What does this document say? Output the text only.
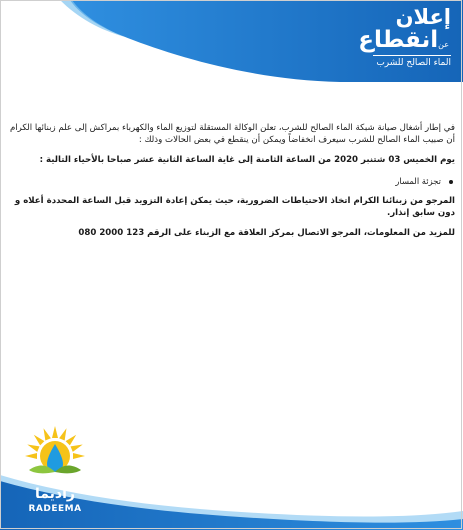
إعلان
انقطاع عن
الماء الصالح للشرب

في إطار أشغال صيانة شبكة الماء الصالح للشرب، تعلن الوكالة المستقلة لتوزيع الماء والكهرباء بمراكش إلى علم زبنائها الكرام أن صبيب الماء الصالح للشرب سيعرف انخفاضاً ويمكن أن ينقطع في بعض الحالات وذلك :

يوم الخميس 03 شتنبر 2020 من الساعة الثامنة إلى غاية الساعة الثانية عشر صباحا بالأحياء التالية :

تجزئة المسار

المرجو من زبنائنا الكرام اتخاذ الاحتياطات الضرورية، حيث يمكن إعادة التزويد قبل الساعة المحددة أعلاه و دون سابق إنذار.

للمزيد من المعلومات، المرجو الاتصال بمركز العلاقة مع الزبناء على الرقم 123 2000 080

راديما
RADEEMA
